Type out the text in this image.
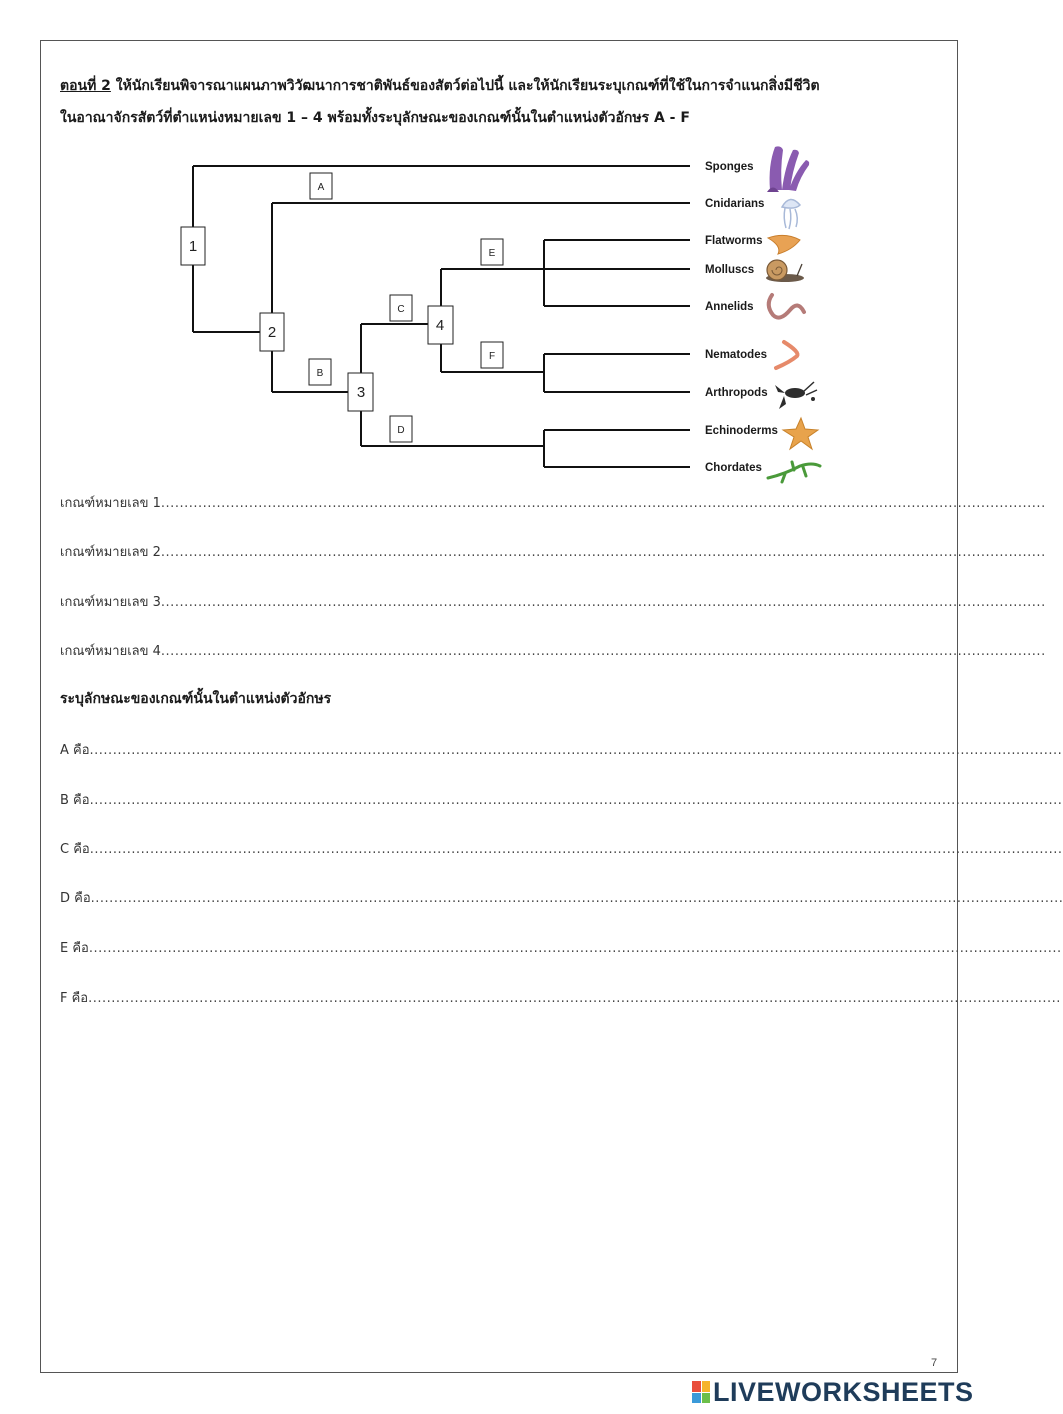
ตอนที่ 2 ให้นักเรียนพิจารณาแผนภาพวิวัฒนาการชาติพันธ์ของสัตว์ต่อไปนี้ และให้นักเรียนระบุเกณฑ์ที่ใช้ในการจำแนกสิ่งมีชีวิต
ในอาณาจักรสัตว์ที่ตำแหน่งหมายเลข 1 – 4 พร้อมทั้งระบุลักษณะของเกณฑ์นั้นในตำแหน่งตัวอักษร A - F
1
2
3
4
A
B
C
D
E
F
Sponges
Cnidarians
Flatworms
Molluscs
Annelids
Nematodes
Arthropods
Echinoderms
Chordates
เกณฑ์หมายเลข 1...............................................................................................................................................................................................
เกณฑ์หมายเลข 2...............................................................................................................................................................................................
เกณฑ์หมายเลข 3...............................................................................................................................................................................................
เกณฑ์หมายเลข 4...............................................................................................................................................................................................
ระบุลักษณะของเกณฑ์นั้นในตำแหน่งตัวอักษร
A คือ..................................................................................................................................................................................................................
B คือ..................................................................................................................................................................................................................
C คือ..................................................................................................................................................................................................................
D คือ..................................................................................................................................................................................................................
E คือ..................................................................................................................................................................................................................
F คือ..................................................................................................................................................................................................................
7
LIVEWORKSHEETS
